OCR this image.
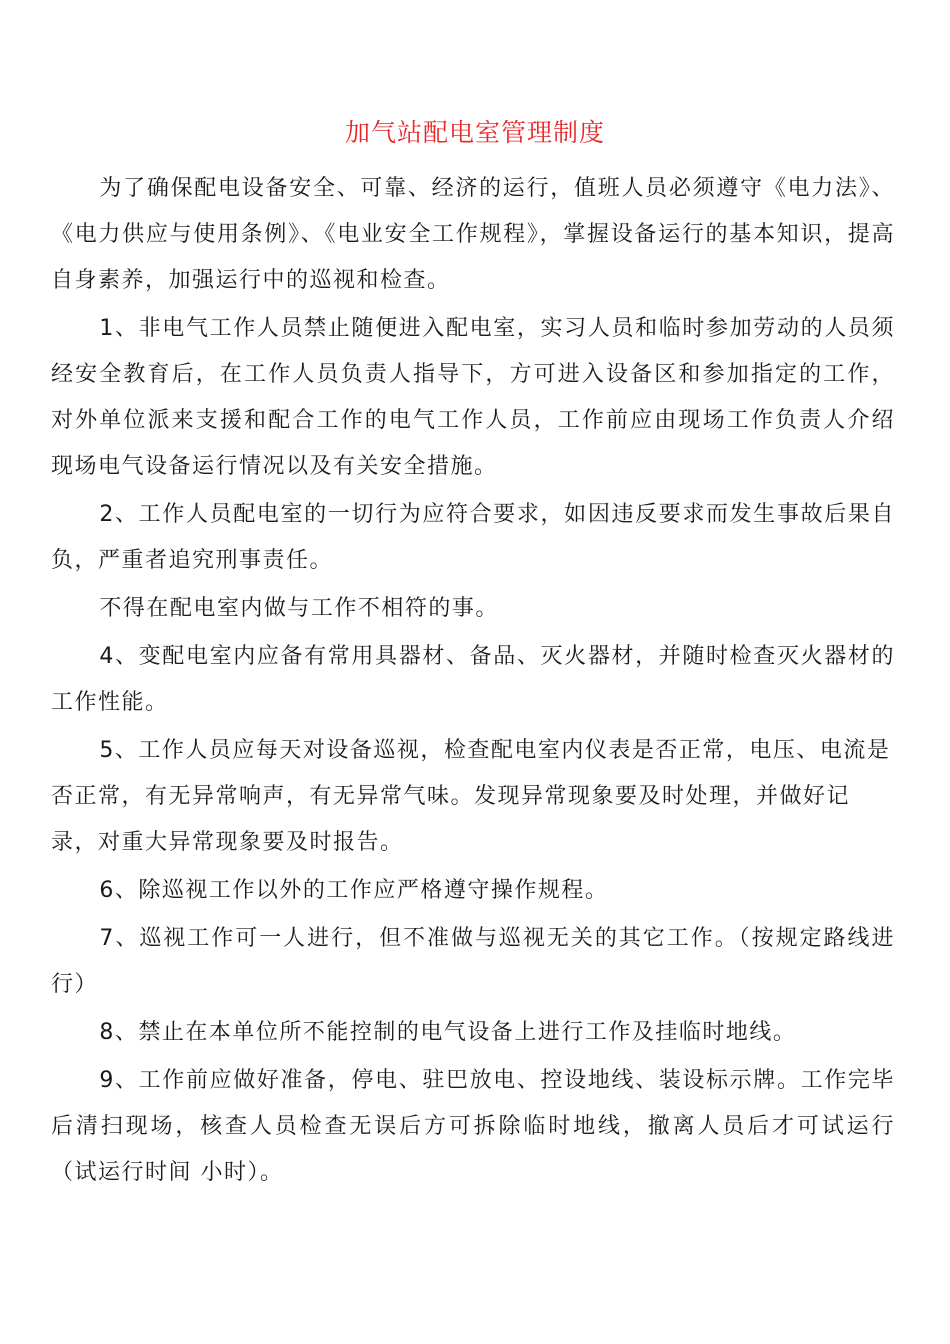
加气站配电室管理制度

为了确保配电设备安全、可靠、经济的运行，值班人员必须遵守《电力法》、《电力供应与使用条例》、《电业安全工作规程》，掌握设备运行的基本知识，提高自身素养，加强运行中的巡视和检查。

1、非电气工作人员禁止随便进入配电室，实习人员和临时参加劳动的人员须经安全教育后，在工作人员负责人指导下，方可进入设备区和参加指定的工作，对外单位派来支援和配合工作的电气工作人员，工作前应由现场工作负责人介绍现场电气设备运行情况以及有关安全措施。

2、工作人员配电室的一切行为应符合要求，如因违反要求而发生事故后果自负，严重者追究刑事责任。

不得在配电室内做与工作不相符的事。

4、变配电室内应备有常用具器材、备品、灭火器材，并随时检查灭火器材的工作性能。

5、工作人员应每天对设备巡视，检查配电室内仪表是否正常，电压、电流是否正常，有无异常响声，有无异常气味。发现异常现象要及时处理，并做好记

录，对重大异常现象要及时报告。

6、除巡视工作以外的工作应严格遵守操作规程。

7、巡视工作可一人进行，但不准做与巡视无关的其它工作。（按规定路线进行）

8、禁止在本单位所不能控制的电气设备上进行工作及挂临时地线。

9、工作前应做好准备，停电、驻巴放电、控设地线、装设标示牌。工作完毕后清扫现场，核查人员检查无误后方可拆除临时地线，撤离人员后才可试运行（试运行时间 小时）。
